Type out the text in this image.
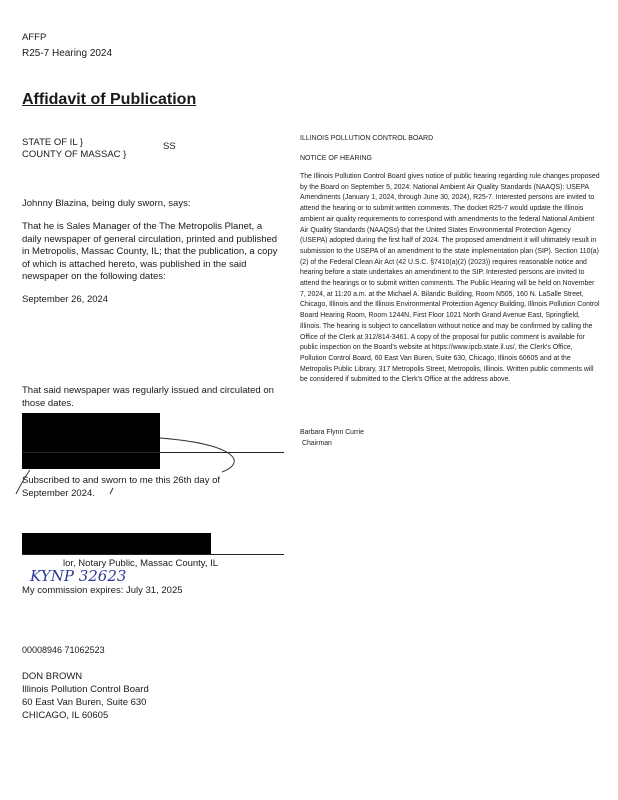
AFFP
R25-7 Hearing 2024
Affidavit of Publication
STATE OF IL }
COUNTY OF MASSAC }
SS
Johnny Blazina, being duly sworn, says:
That he is Sales Manager of the The Metropolis Planet, a daily newspaper of general circulation, printed and published in Metropolis, Massac County, IL; that the publication, a copy of which is attached hereto, was published in the said newspaper on the following dates:
September 26, 2024
That said newspaper was regularly issued and circulated on those dates.
Subscribed to and sworn to me this 26th day of September 2024.
lor, Notary Public, Massac County, IL
KYNP 32623
My commission expires: July 31, 2025
00008946 71062523
DON BROWN
Illinois Pollution Control Board
60 East Van Buren, Suite 630
CHICAGO, IL 60605
ILLINOIS POLLUTION CONTROL BOARD
NOTICE OF HEARING
The Illinois Pollution Control Board gives notice of public hearing regarding rule changes proposed by the Board on September 5, 2024: National Ambient Air Quality Standards (NAAQS): USEPA Amendments (January 1, 2024, through June 30, 2024), R25-7. Interested persons are invited to attend the hearing or to submit written comments. The docket R25-7 would update the Illinois ambient air quality requirements to correspond with amendments to the federal National Ambient Air Quality Standards (NAAQSs) that the United States Environmental Protection Agency (USEPA) adopted during the first half of 2024. The proposed amendment it will ultimately result in submission to the USEPA of an amendment to the state implementation plan (SIP). Section 110(a)(2) of the Federal Clean Air Act (42 U.S.C. §7410(a)(2) (2023)) requires reasonable notice and hearing before a state undertakes an amendment to the SIP. Interested persons are invited to attend the hearings or to submit written comments. The Public Hearing will be held on November 7, 2024, at 11:20 a.m. at the Michael A. Bilandic Building, Room N505, 160 N. LaSalle Street, Chicago, Illinois and the Illinois Environmental Protection Agency Building, Illinois Pollution Control Board Hearing Room, Room 1244N, First Floor 1021 North Grand Avenue East, Springfield, Illinois. The hearing is subject to cancellation without notice and may be confirmed by calling the Office of the Clerk at 312/814-3461. A copy of the proposal for public comment is available for public inspection on the Board's website at https://www.ipcb.state.il.us/, the Clerk's Office, Pollution Control Board, 60 East Van Buren, Suite 630, Chicago, Illinois 60605 and at the Metropolis Public Library, 317 Metropolis Street, Metropolis, Illinois. Written public comments will be considered if submitted to the Clerk's Office at the address above.
Barbara Flynn Currie
Chairman
